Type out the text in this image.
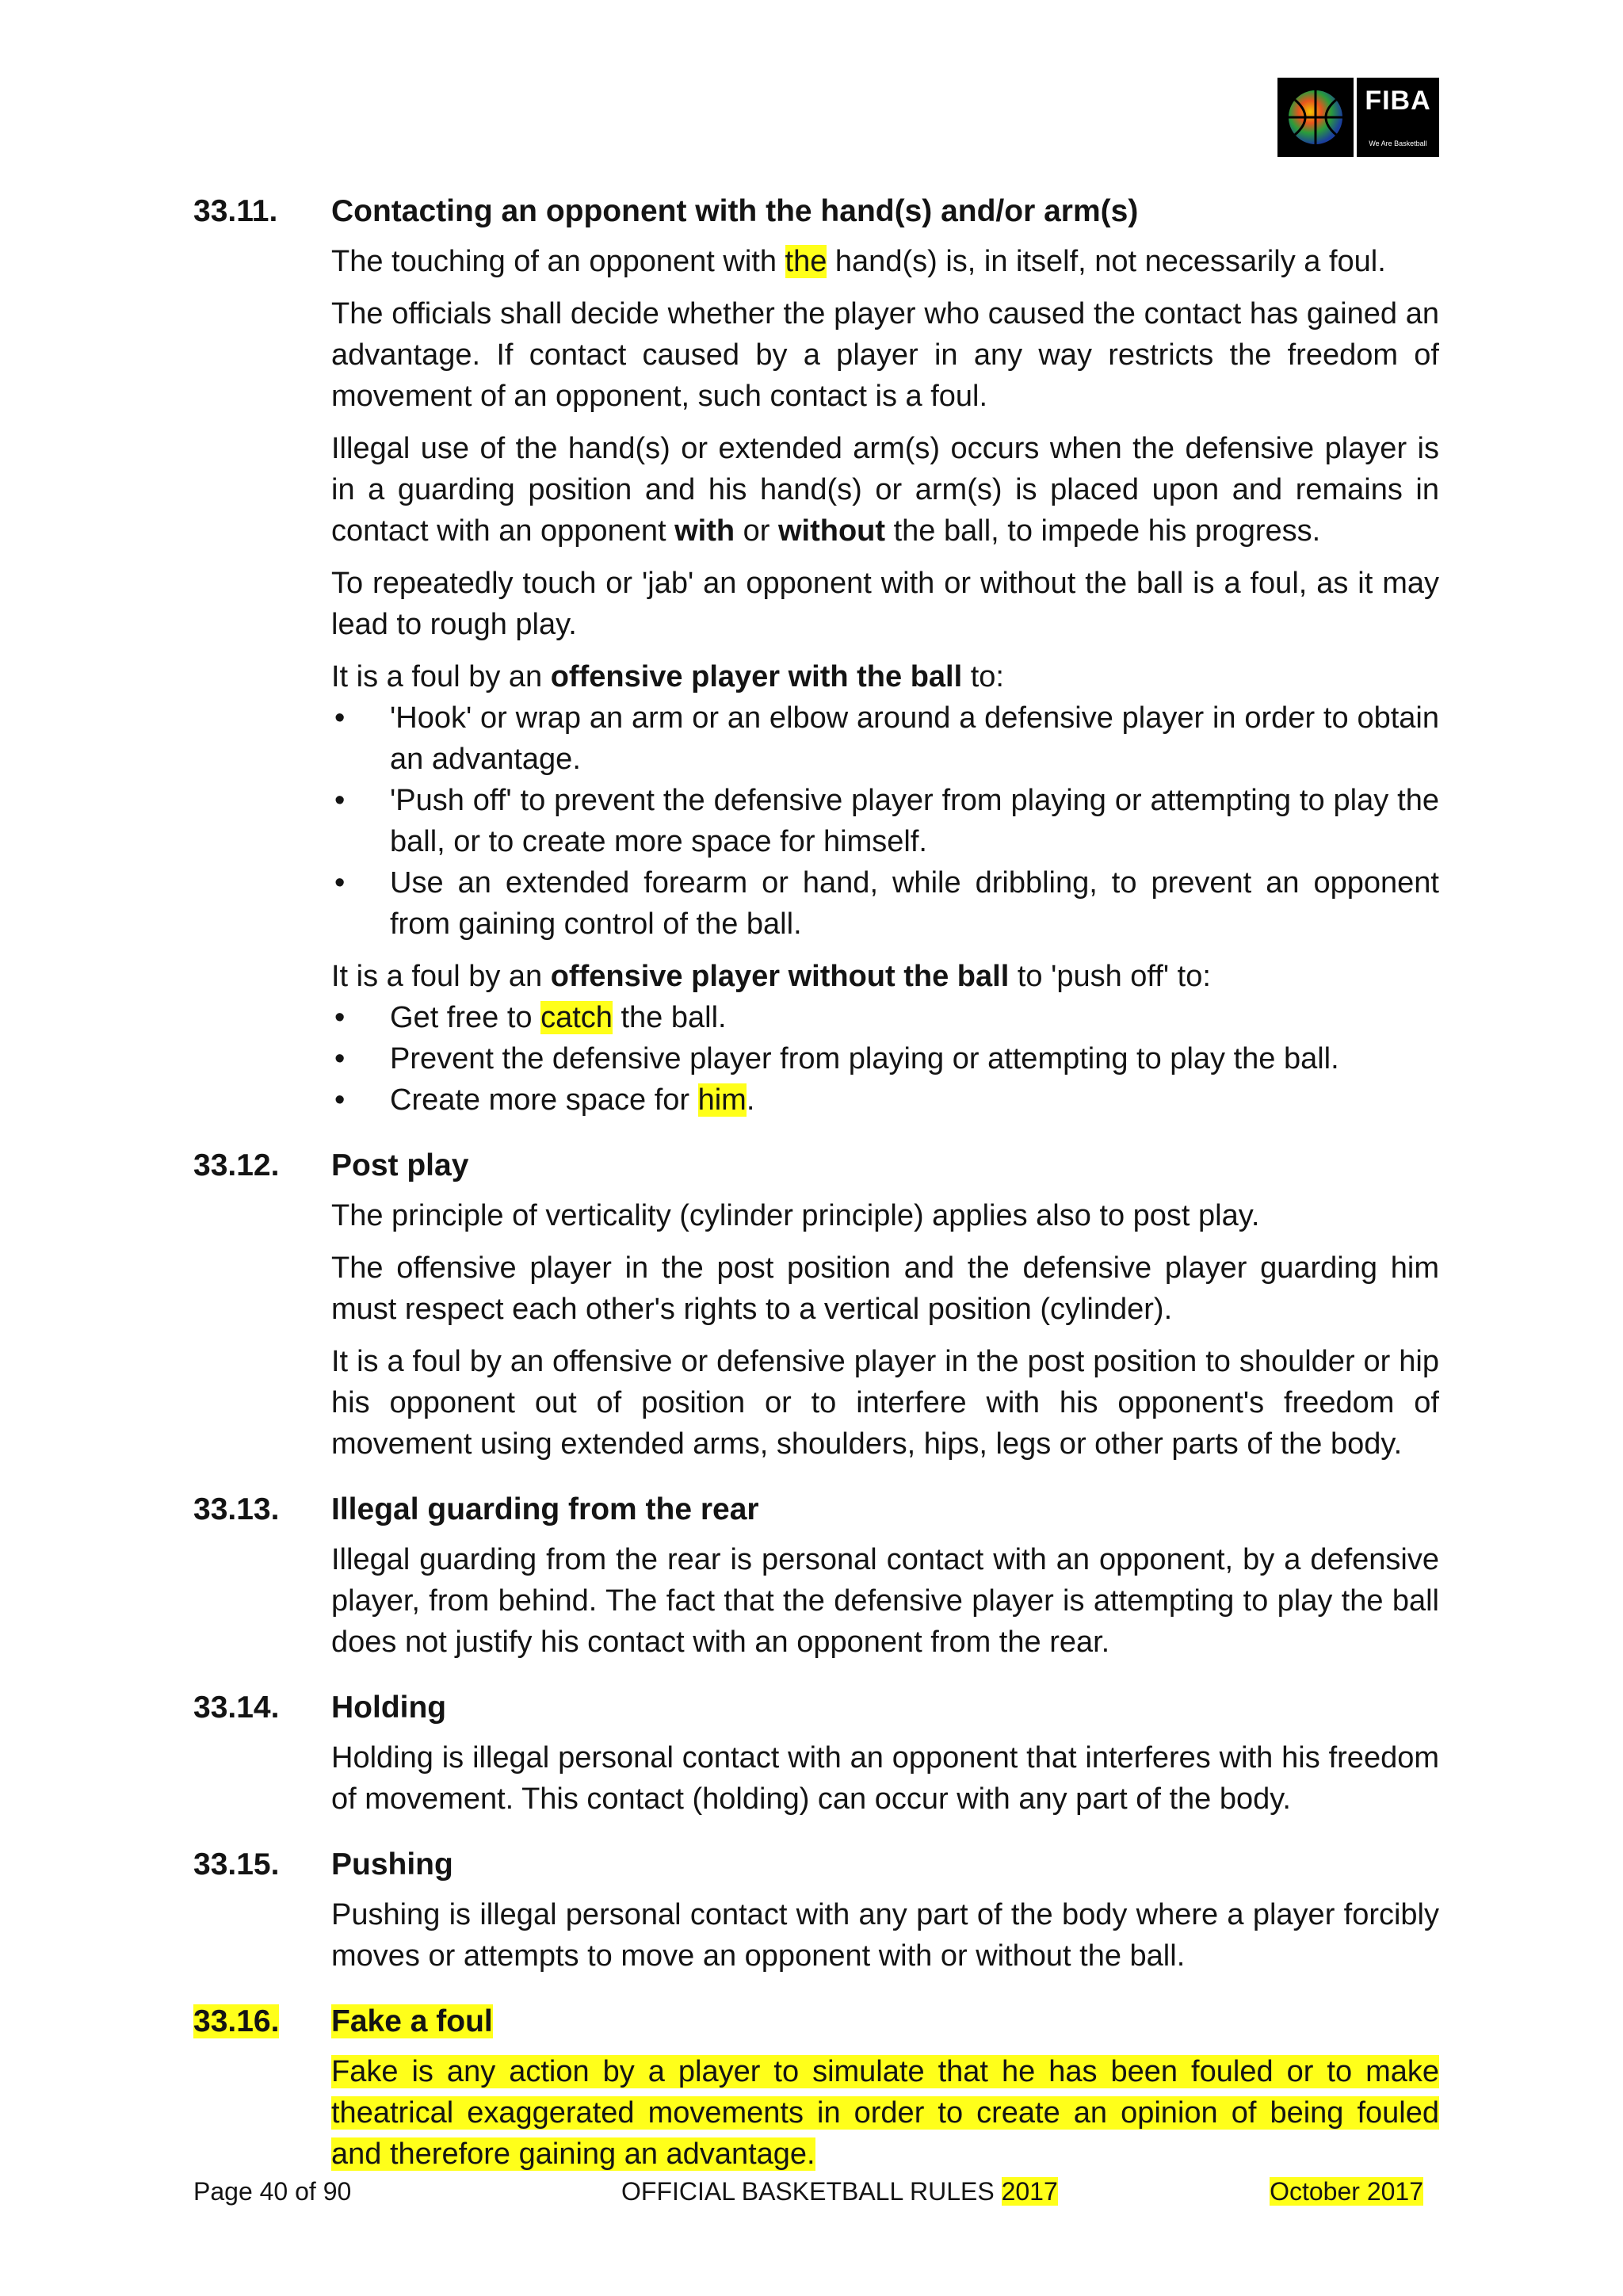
FIBA
We Are Basketball
33.11.	Contacting an opponent with the hand(s) and/or arm(s)

The touching of an opponent with the hand(s) is, in itself, not necessarily a foul.

The officials shall decide whether the player who caused the contact has gained an advantage. If contact caused by a player in any way restricts the freedom of movement of an opponent, such contact is a foul.

Illegal use of the hand(s) or extended arm(s) occurs when the defensive player is in a guarding position and his hand(s) or arm(s) is placed upon and remains in contact with an opponent with or without the ball, to impede his progress.

To repeatedly touch or 'jab' an opponent with or without the ball is a foul, as it may lead to rough play.

It is a foul by an offensive player with the ball to:

• 'Hook' or wrap an arm or an elbow around a defensive player in order to obtain an advantage.
• 'Push off' to prevent the defensive player from playing or attempting to play the ball, or to create more space for himself.
• Use an extended forearm or hand, while dribbling, to prevent an opponent from gaining control of the ball.

It is a foul by an offensive player without the ball to 'push off' to:

• Get free to catch the ball.
• Prevent the defensive player from playing or attempting to play the ball.
• Create more space for him.
33.12.	Post play

The principle of verticality (cylinder principle) applies also to post play.

The offensive player in the post position and the defensive player guarding him must respect each other's rights to a vertical position (cylinder).

It is a foul by an offensive or defensive player in the post position to shoulder or hip his opponent out of position or to interfere with his opponent's freedom of movement using extended arms, shoulders, hips, legs or other parts of the body.

33.13.	Illegal guarding from the rear

Illegal guarding from the rear is personal contact with an opponent, by a defensive player, from behind. The fact that the defensive player is attempting to play the ball does not justify his contact with an opponent from the rear.

33.14.	Holding

Holding is illegal personal contact with an opponent that interferes with his freedom of movement. This contact (holding) can occur with any part of the body.

33.15.	Pushing

Pushing is illegal personal contact with any part of the body where a player forcibly moves or attempts to move an opponent with or without the ball.

33.16.	Fake a foul

Fake is any action by a player to simulate that he has been fouled or to make theatrical exaggerated movements in order to create an opinion of being fouled and therefore gaining an advantage.

Page 40 of 90	OFFICIAL BASKETBALL RULES 2017	October 2017
